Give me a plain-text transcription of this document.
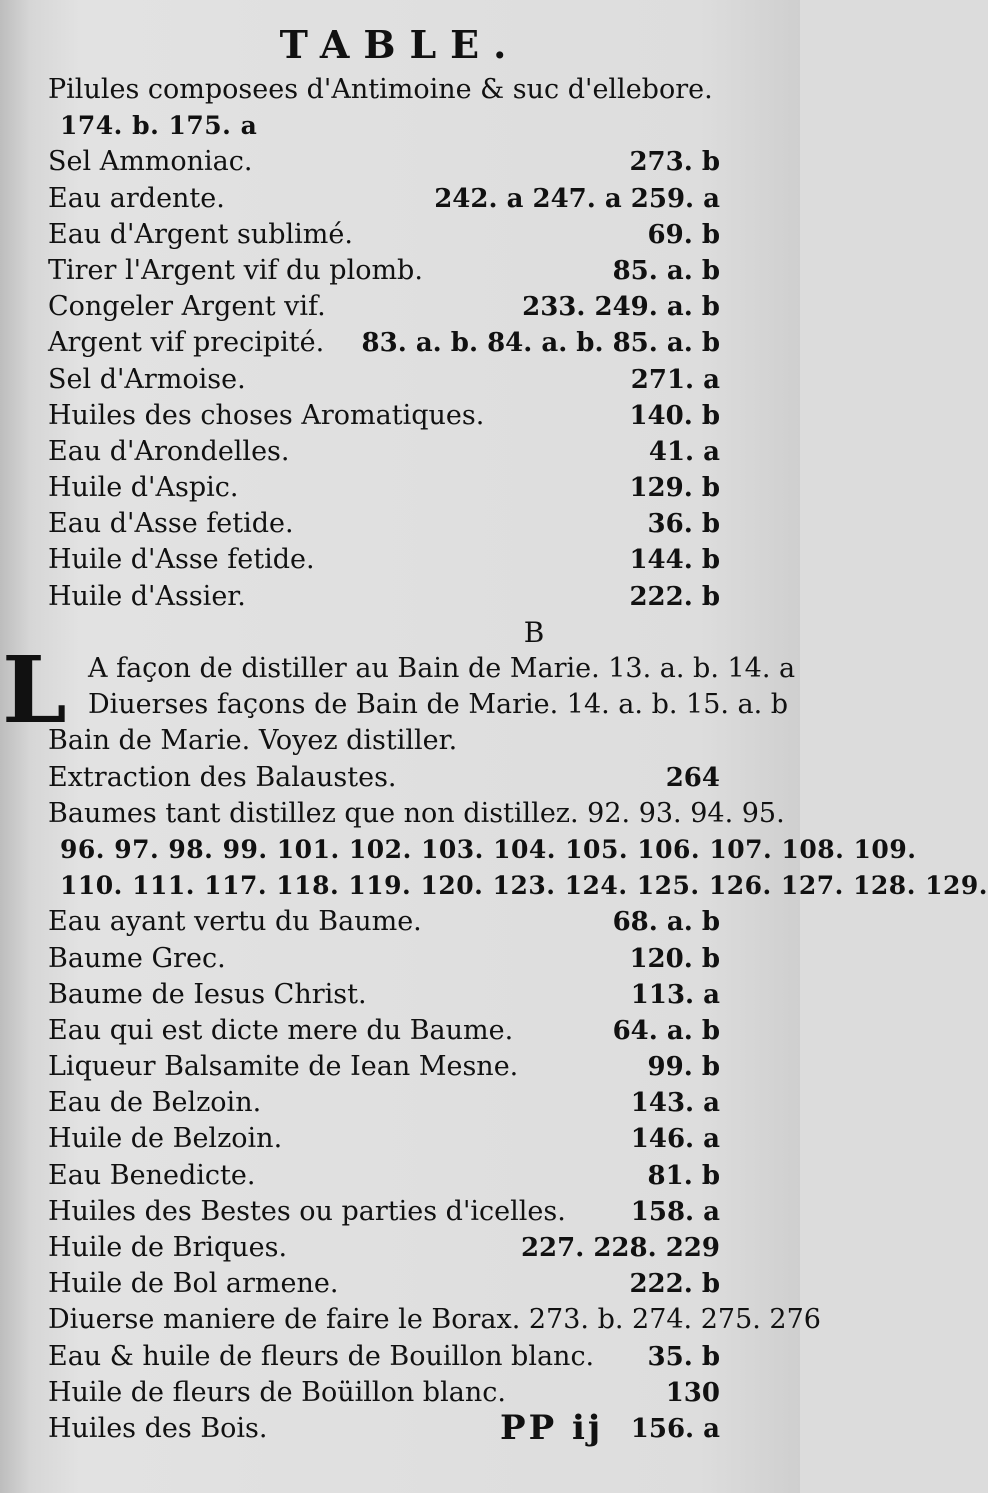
TABLE.
L
Pilules composees d'Antimoine & suc d'ellebore.
174. b. 175. a
Sel Ammoniac.	273. b
Eau ardente.	242. a 247. a 259. a
Eau d'Argent sublimé.	69. b
Tirer l'Argent vif du plomb.	85. a. b
Congeler Argent vif.	233. 249. a. b
Argent vif precipité. 83. a. b. 84. a. b. 85. a. b
Sel d'Armoise.	271. a
Huiles des choses Aromatiques.	140. b
Eau d'Arondelles.	41. a
Huile d'Aspic.	129. b
Eau d'Asse fetide.	36. b
Huile d'Asse fetide.	144. b
Huile d'Assier.	222. b
B
A façon de distiller au Bain de Marie. 13. a. b. 14. a
Diuerses façons de Bain de Marie. 14. a. b. 15. a. b
Bain de Marie. Voyez distiller.
Extraction des Balaustes.	264
Baumes tant distillez que non distillez. 92. 93. 94. 95.
96. 97. 98. 99. 101. 102. 103. 104. 105. 106. 107. 108. 109.
110. 111. 117. 118. 119. 120. 123. 124. 125. 126. 127. 128. 129.
Eau ayant vertu du Baume.	68. a. b
Baume Grec.	120. b
Baume de Iesus Christ.	113. a
Eau qui est dicte mere du Baume.	64. a. b
Liqueur Balsamite de Iean Mesne.	99. b
Eau de Belzoin.	143. a
Huile de Belzoin.	146. a
Eau Benedicte.	81. b
Huiles des Bestes ou parties d'icelles. 158. a
Huile de Briques.	227. 228. 229
Huile de Bol armene.	222. b
Diuerse maniere de faire le Borax. 273. b. 274. 275. 276
Eau & huile de fleurs de Bouillon blanc. 35. b
Huile de fleurs de Boüillon blanc.	130
Huiles des Bois.	156. a
PP ij
